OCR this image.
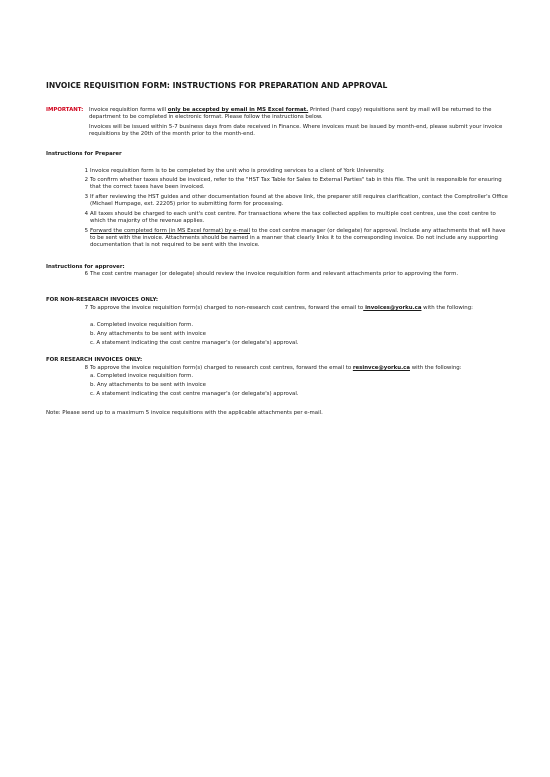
INVOICE REQUISITION FORM: INSTRUCTIONS FOR PREPARATION AND APPROVAL
IMPORTANT: Invoice requisition forms will only be accepted by email in MS Excel format. Printed (hard copy) requisitions sent by mail will be returned to the
department to be completed in electronic format. Please follow the instructions below.
Invoices will be issued within 5-7 business days from date received in Finance. Where invoices must be issued by month-end, please submit your invoice
requisitions by the 20th of the month prior to the month-end.
Instructions for Preparer
1 Invoice requisition form is to be completed by the unit who is providing services to a client of York University.
2 To confirm whether taxes should be invoiced, refer to the "HST Tax Table for Sales to External Parties" tab in this file. The unit is responsible for ensuring
that the correct taxes have been invoiced.
3 If after reviewing the HST guides and other documentation found at the above link, the preparer still requires clarification, contact the Comptroller's Office
(Michael Humpage, ext. 22205) prior to submitting form for processing.
4 All taxes should be charged to each unit's cost centre. For transactions where the tax collected applies to multiple cost centres, use the cost centre to
which the majority of the revenue applies.
5 Forward the completed form (in MS Excel format) by e-mail to the cost centre manager (or delegate) for approval. Include any attachments that will have
to be sent with the invoice. Attachments should be named in a manner that clearly links it to the corresponding invoice. Do not include any supporting
documentation that is not required to be sent with the invoice.
Instructions for approver:
6 The cost centre manager (or delegate) should review the invoice requisition form and relevant attachments prior to approving the form.
FOR NON-RESEARCH INVOICES ONLY:
7 To approve the invoice requisition form(s) charged to non-research cost centres, forward the email to invoices@yorku.ca with the following:
a. Completed invoice requisition form.
b. Any attachments to be sent with invoice
c. A statement indicating the cost centre manager's (or delegate's) approval.
FOR RESEARCH INVOICES ONLY:
8 To approve the invoice requisition form(s) charged to research cost centres, forward the email to resinvce@yorku.ca with the following:
a. Completed invoice requisition form.
b. Any attachments to be sent with invoice
c. A statement indicating the cost centre manager's (or delegate's) approval.
Note: Please send up to a maximum 5 invoice requisitions with the applicable attachments per e-mail.
